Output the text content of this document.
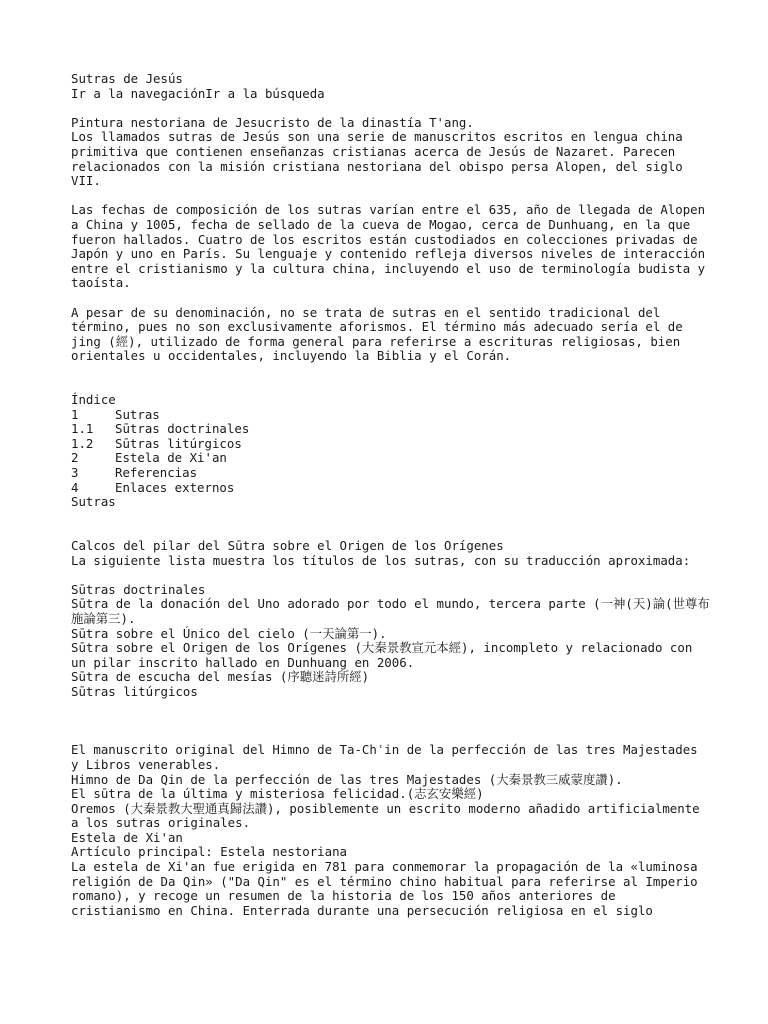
Sutras de Jesús
Ir a la navegaciónIr a la búsqueda
Pintura nestoriana de Jesucristo de la dinastía T'ang.

Los llamados sutras de Jesús son una serie de manuscritos escritos en lengua china primitiva que contienen enseñanzas cristianas acerca de Jesús de Nazaret. Parecen relacionados con la misión cristiana nestoriana del obispo persa Alopen, del siglo VII.

Las fechas de composición de los sutras varían entre el 635, año de llegada de Alopen a China y 1005, fecha de sellado de la cueva de Mogao, cerca de Dunhuang, en la que fueron hallados. Cuatro de los escritos están custodiados en colecciones privadas de Japón y uno en París. Su lenguaje y contenido refleja diversos niveles de interacción entre el cristianismo y la cultura china, incluyendo el uso de terminología budista y taoísta.

A pesar de su denominación, no se trata de sutras en el sentido tradicional del término, pues no son exclusivamente aforismos. El término más adecuado sería el de jing (經), utilizado de forma general para referirse a escrituras religiosas, bien orientales u occidentales, incluyendo la Biblia y el Corán.

Índice
1	Sutras
1.1	Sūtras doctrinales
1.2	Sūtras litúrgicos
2	Estela de Xi'an
3	Referencias
4	Enlaces externos
Sutras
Calcos del pilar del Sūtra sobre el Origen de los Orígenes

La siguiente lista muestra los títulos de los sutras, con su traducción aproximada:

Sūtras doctrinales
Sūtra de la donación del Uno adorado por todo el mundo, tercera parte (一神(天)論(世尊布施論第三).
Sūtra sobre el Único del cielo (一天論第一).
Sūtra sobre el Origen de los Orígenes (大秦景教宣元本經), incompleto y relacionado con un pilar inscrito hallado en Dunhuang en 2006.
Sūtra de escucha del mesías (序聽迷詩所經)
Sūtras litúrgicos
El manuscrito original del Himno de Ta-Chʿin de la perfección de las tres Majestades y Libros venerables.
Himno de Da Qin de la perfección de las tres Majestades (大秦景教三威蒙度讚).
El sūtra de la última y misteriosa felicidad.(志玄安樂經)
Oremos (大秦景教大聖通真歸法讚), posiblemente un escrito moderno añadido artificialmente a los sutras originales.
Estela de Xi'an
Artículo principal: Estela nestoriana
La estela de Xi'an fue erigida en 781 para conmemorar la propagación de la «luminosa religión de Da Qin» ("Da Qin" es el término chino habitual para referirse al Imperio romano), y recoge un resumen de la historia de los 150 años anteriores de cristianismo en China. Enterrada durante una persecución religiosa en el siglo
